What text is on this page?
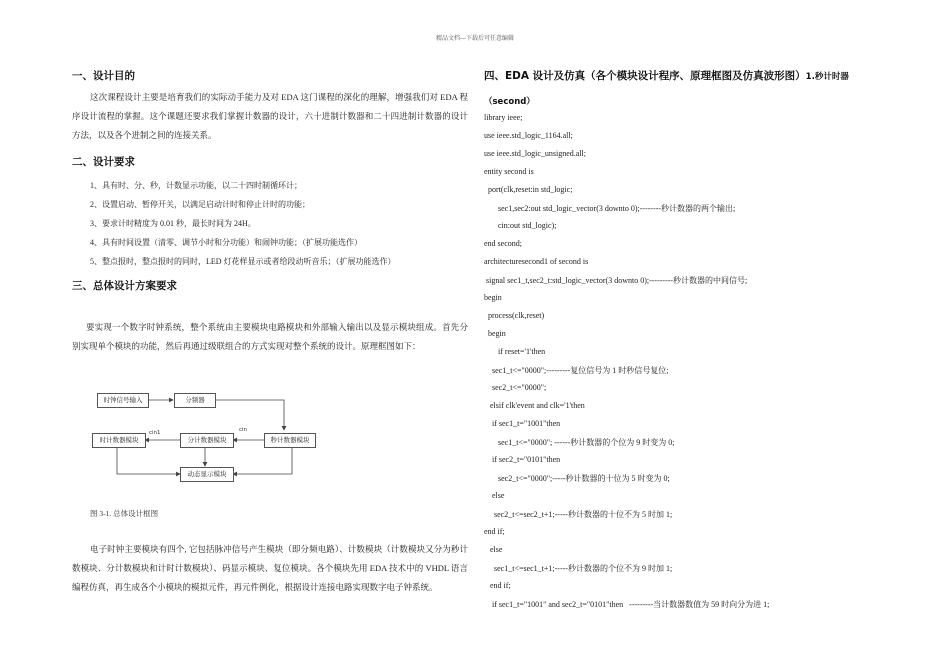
精品文档---下载后可任意编辑
一、设计目的
这次课程设计主要是培育我们的实际动手能力及对 EDA 这门课程的深化的理解，增强我们对 EDA 程序设计流程的掌握。这个课题还要求我们掌握计数器的设计，六十进制计数器和二十四进制计数器的设计方法，以及各个进制之间的连接关系。
二、设计要求
1、具有时、分、秒，计数显示功能，以二十四时制循环计；
2、设置启动、暂停开关，以满足启动计时和停止计时的功能；
3、要求计时精度为 0.01 秒，最长时间为 24H。
4、具有时间设置（清零、调节小时和分功能）和闹钟功能；（扩展功能选作）
5、整点报时，整点报时的同时，LED 灯花样显示或者给段动听音乐；（扩展功能选作）
三、总体设计方案要求
要实现一个数字时钟系统，整个系统由主要模块电路模块和外部输入输出以及显示模块组成。首先分别实现单个模块的功能，然后再通过级联组合的方式实现对整个系统的设计。原理框图如下：
时钟信号输入	分频器
时计数器模块	分计数器模块	秒计数器模块
动态显示模块
cin1	cin
图 3-1. 总体设计框图
电子时钟主要模块有四个, 它包括脉冲信号产生模块（即分频电路）、计数模块（计数模块又分为秒计数模块、分计数模块和计时计数模块）、码显示模块、复位模块。各个模块先用 EDA 技术中的 VHDL 语言编程仿真，再生成各个小模块的模拟元件，再元件例化，根据设计连接电路实现数字电子钟系统。
四、EDA 设计及仿真（各个模块设计程序、原理框图及仿真波形图）1.秒计时器
（second）
library ieee;
use ieee.std_logic_1164.all;
use ieee.std_logic_unsigned.all;
entity second is
port(clk,reset:in std_logic;
sec1,sec2:out std_logic_vector(3 downto 0);--------秒计数器的两个输出;
cin:out std_logic);
end second;
architecturesecond1 of second is
signal sec1_t,sec2_t:std_logic_vector(3 downto 0);---------秒计数器的中间信号;
begin
process(clk,reset)
begin
if reset='1'then
sec1_t<="0000";---------复位信号为 1 时秒信号复位;
sec2_t<="0000";
elsif clk'event and clk='1'then
if sec1_t="1001"then
sec1_t<="0000"; ------秒计数器的个位为 9 时变为 0;
if sec2_t="0101"then
sec2_t<="0000";-----秒计数器的十位为 5 时变为 0;
else
sec2_t<=sec2_t+1;-----秒计数器的十位不为 5 时加 1;
end if;
else
sec1_t<=sec1_t+1;-----秒计数器的个位不为 9 时加 1;
end if;
if sec1_t="1001" and sec2_t="0101"then   ---------当计数器数值为 59 时向分为进 1;
